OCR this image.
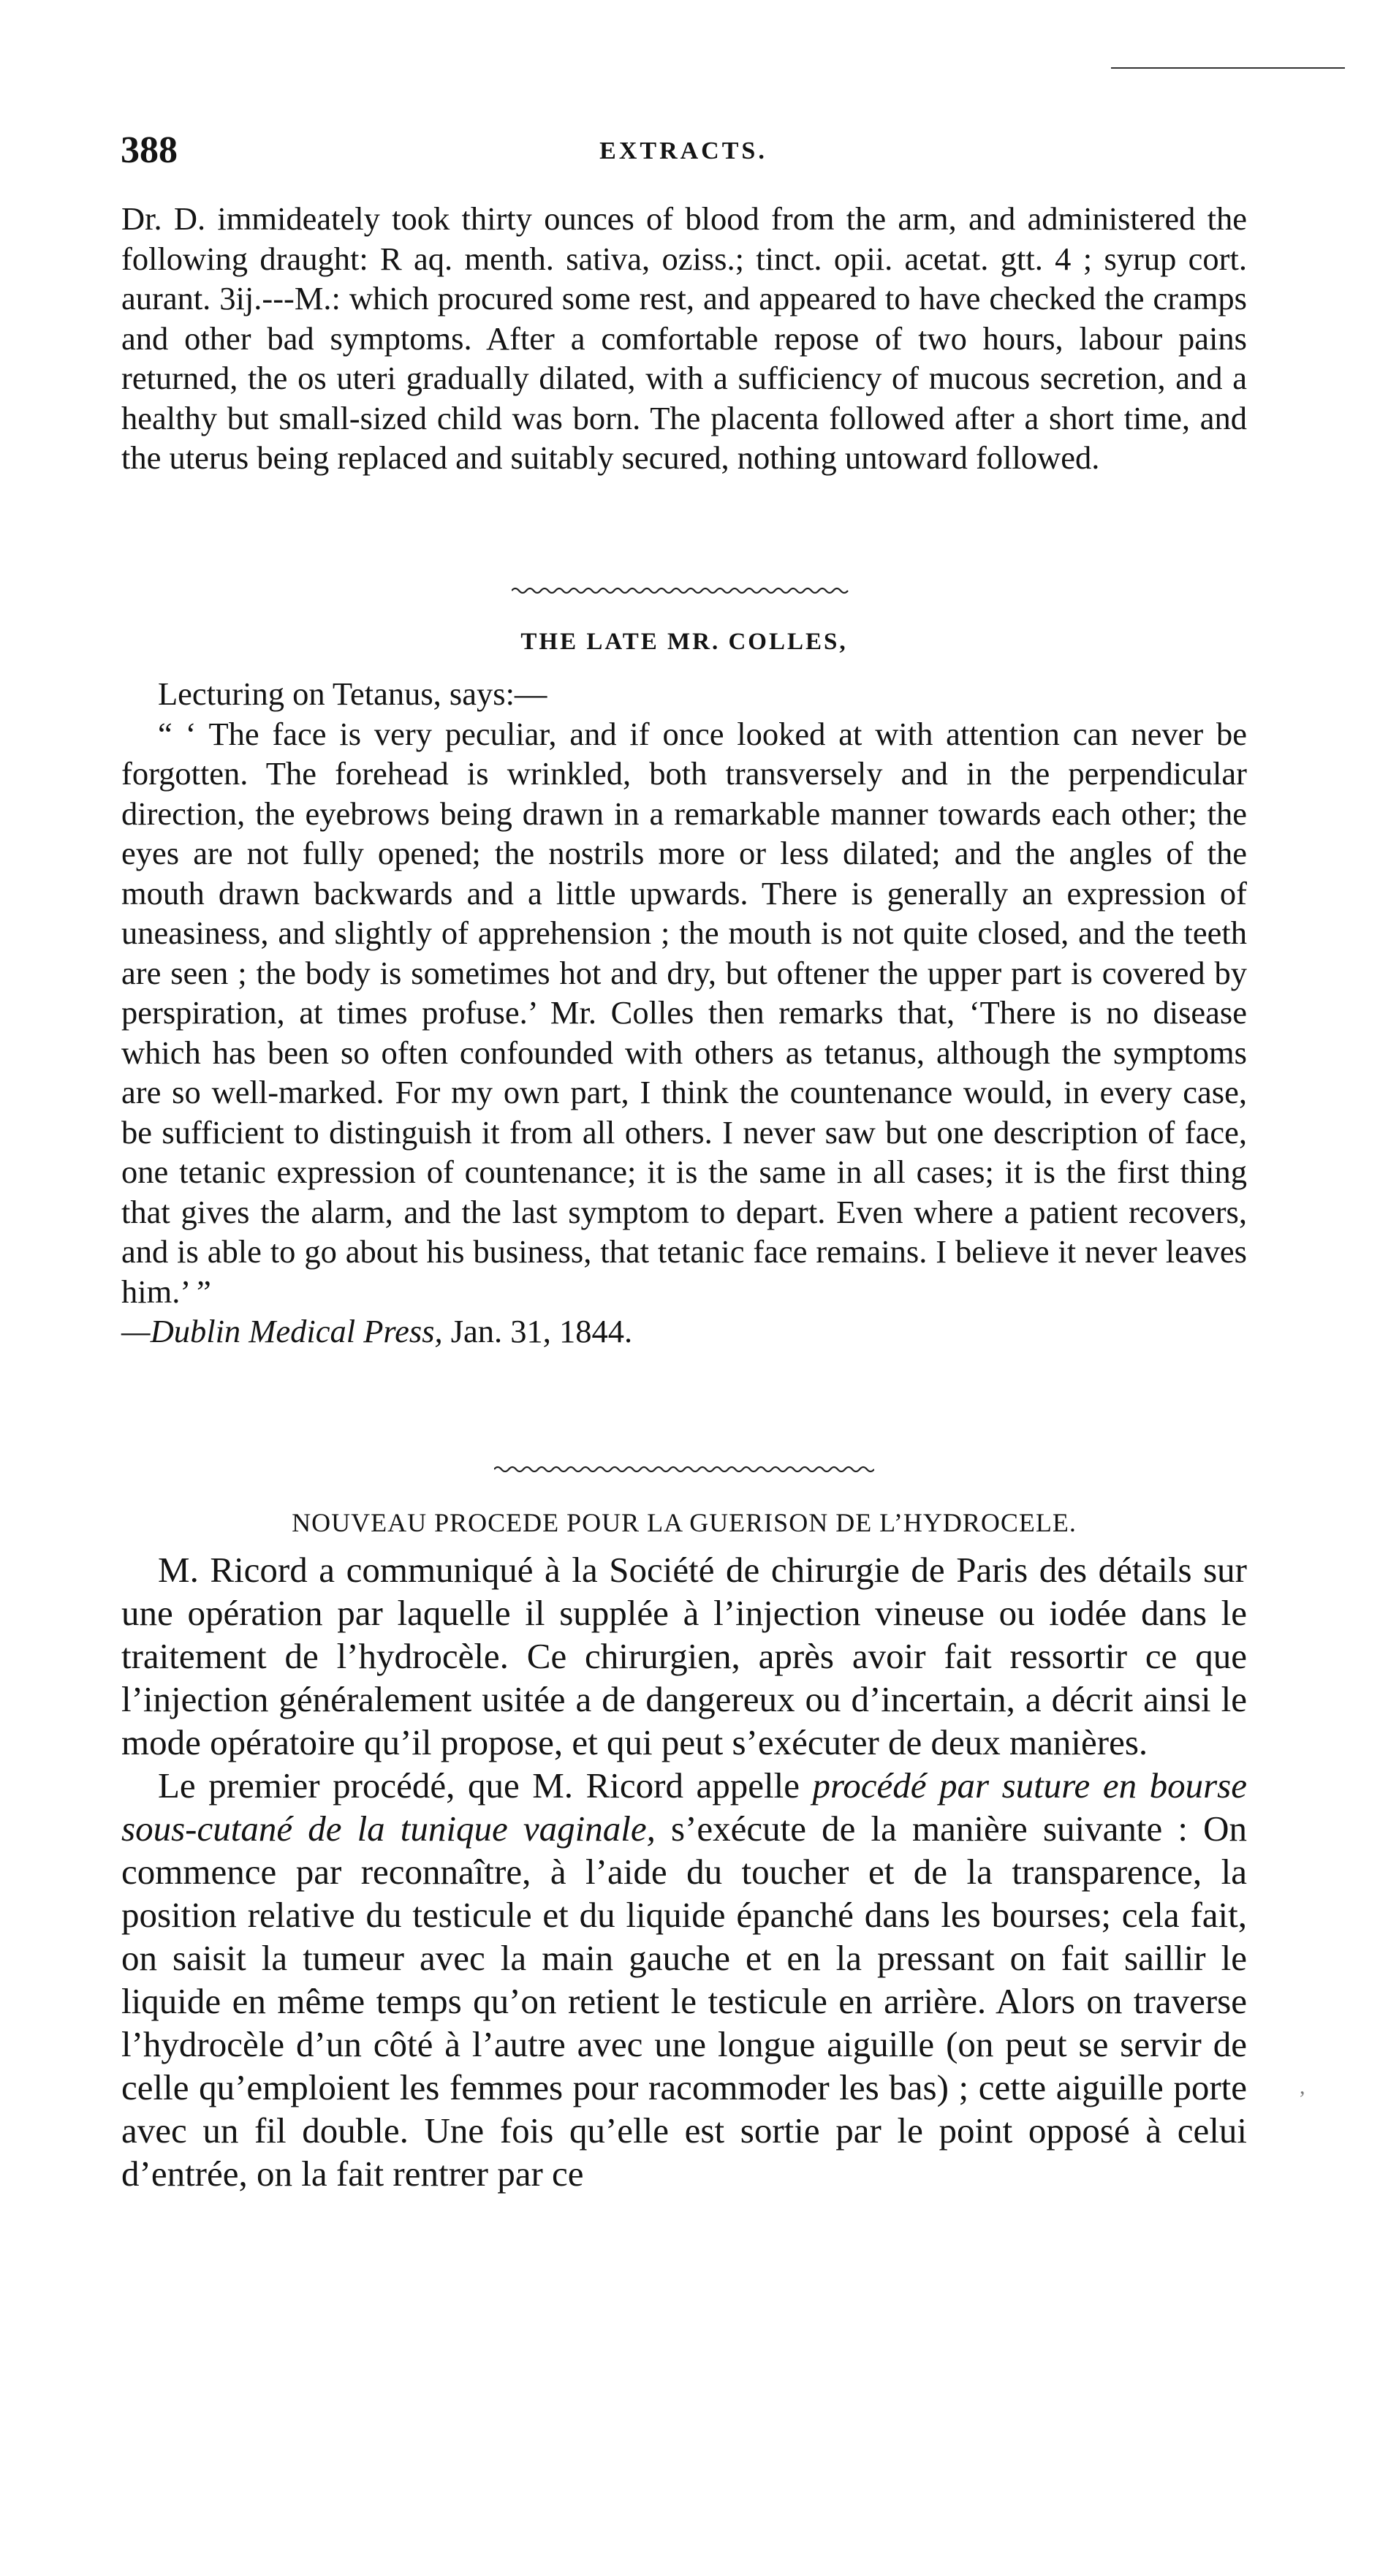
388	EXTRACTS.

Dr. D. immideately took thirty ounces of blood from the arm, and administered the following draught: R aq. menth. sativa, oziss.; tinct. opii. acetat. gtt. 4 ; syrup cort. aurant. 3ij.---M.: which procured some rest, and appeared to have checked the cramps and other bad symptoms. After a comfortable repose of two hours, labour pains returned, the os uteri gradually dilated, with a sufficiency of mucous secretion, and a healthy but small-sized child was born. The placenta followed after a short time, and the uterus being replaced and suitably secured, nothing untoward followed.

THE LATE MR. COLLES,

Lecturing on Tetanus, says:—

“ ‘ The face is very peculiar, and if once looked at with attention can never be forgotten. The forehead is wrinkled, both transversely and in the perpendicular direction, the eyebrows being drawn in a remarkable manner towards each other; the eyes are not fully opened; the nostrils more or less dilated; and the angles of the mouth drawn backwards and a little upwards. There is generally an expression of uneasiness, and slightly of apprehension ; the mouth is not quite closed, and the teeth are seen ; the body is sometimes hot and dry, but oftener the upper part is covered by perspiration, at times profuse.’ Mr. Colles then remarks that, ‘There is no disease which has been so often confounded with others as tetanus, although the symptoms are so well-marked. For my own part, I think the countenance would, in every case, be sufficient to distinguish it from all others. I never saw but one description of face, one tetanic expression of countenance; it is the same in all cases; it is the first thing that gives the alarm, and the last symptom to depart. Even where a patient recovers, and is able to go about his business, that tetanic face remains. I believe it never leaves him.’ ”

—Dublin Medical Press, Jan. 31, 1844.

NOUVEAU PROCEDE POUR LA GUERISON DE L’HYDROCELE.

M. Ricord a communiqué à la Société de chirurgie de Paris des détails sur une opération par laquelle il supplée à l’injection vineuse ou iodée dans le traitement de l’hydrocèle. Ce chirurgien, après avoir fait ressortir ce que l’injection généralement usitée a de dangereux ou d’incertain, a décrit ainsi le mode opératoire qu’il propose, et qui peut s’exécuter de deux manières.

Le premier procédé, que M. Ricord appelle procédé par suture en bourse sous-cutané de la tunique vaginale, s’exécute de la manière suivante : On commence par reconnaître, à l’aide du toucher et de la transparence, la position relative du testicule et du liquide épanché dans les bourses; cela fait, on saisit la tumeur avec la main gauche et en la pressant on fait saillir le liquide en même temps qu’on retient le testicule en arrière. Alors on traverse l’hydrocèle d’un côté à l’autre avec une longue aiguille (on peut se servir de celle qu’emploient les femmes pour racommoder les bas) ; cette aiguille porte avec un fil double. Une fois qu’elle est sortie par le point opposé à celui d’entrée, on la fait rentrer par ce

,
